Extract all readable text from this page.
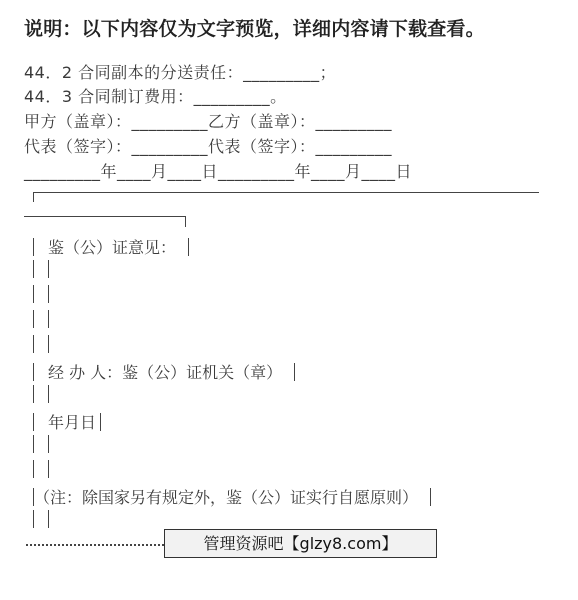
说明：以下内容仅为文字预览，详细内容请下载查看。
44．2 合同副本的分送责任：_________；
44．3 合同制订费用：_________。
甲方（盖章）：_________乙方（盖章）：_________
代表（签字）：_________代表（签字）：_________
_________年____月____日_________年____月____日
鉴（公）证意见：
经 办 人：鉴（公）证机关（章）
年月日
（注：除国家另有规定外，鉴（公）证实行自愿原则）
管理资源吧【glzy8.com】
